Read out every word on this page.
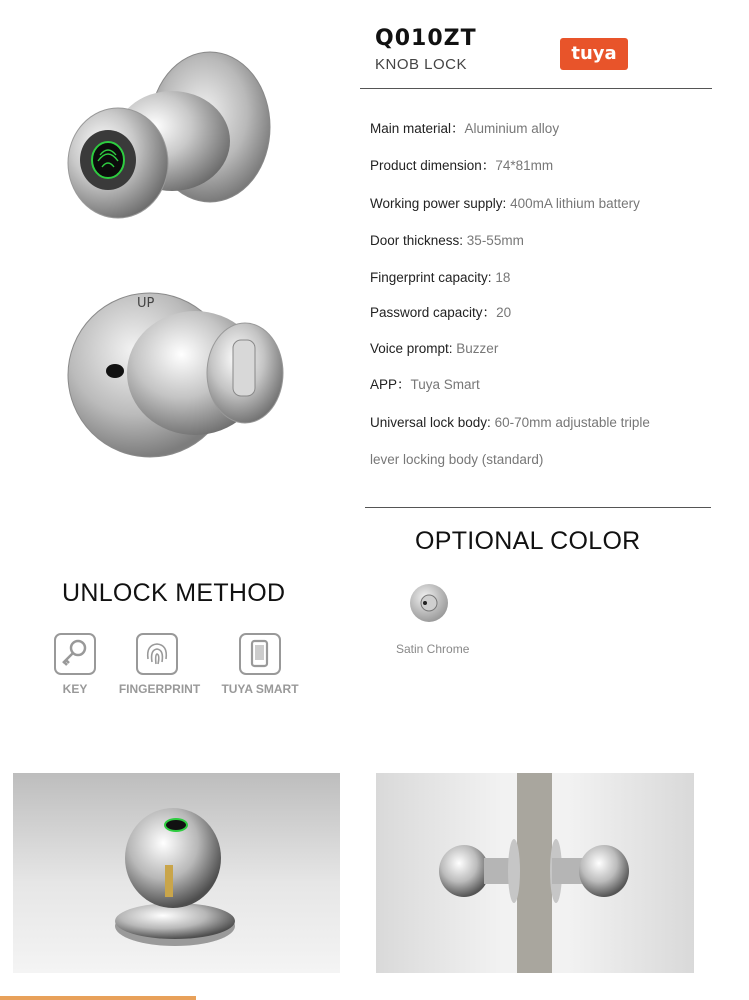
UP
Q010ZT
KNOB LOCK
tuya
Main material：Aluminium alloy
Product dimension：74*81mm
Working power supply: 400mA lithium battery
Door thickness: 35-55mm
Fingerprint capacity: 18
Password capacity：20
Voice prompt: Buzzer
APP：Tuya Smart
Universal lock body: 60-70mm adjustable triple
lever locking body (standard)
OPTIONAL COLOR
Satin Chrome
UNLOCK METHOD
KEY	FINGERPRINT	TUYA SMART
